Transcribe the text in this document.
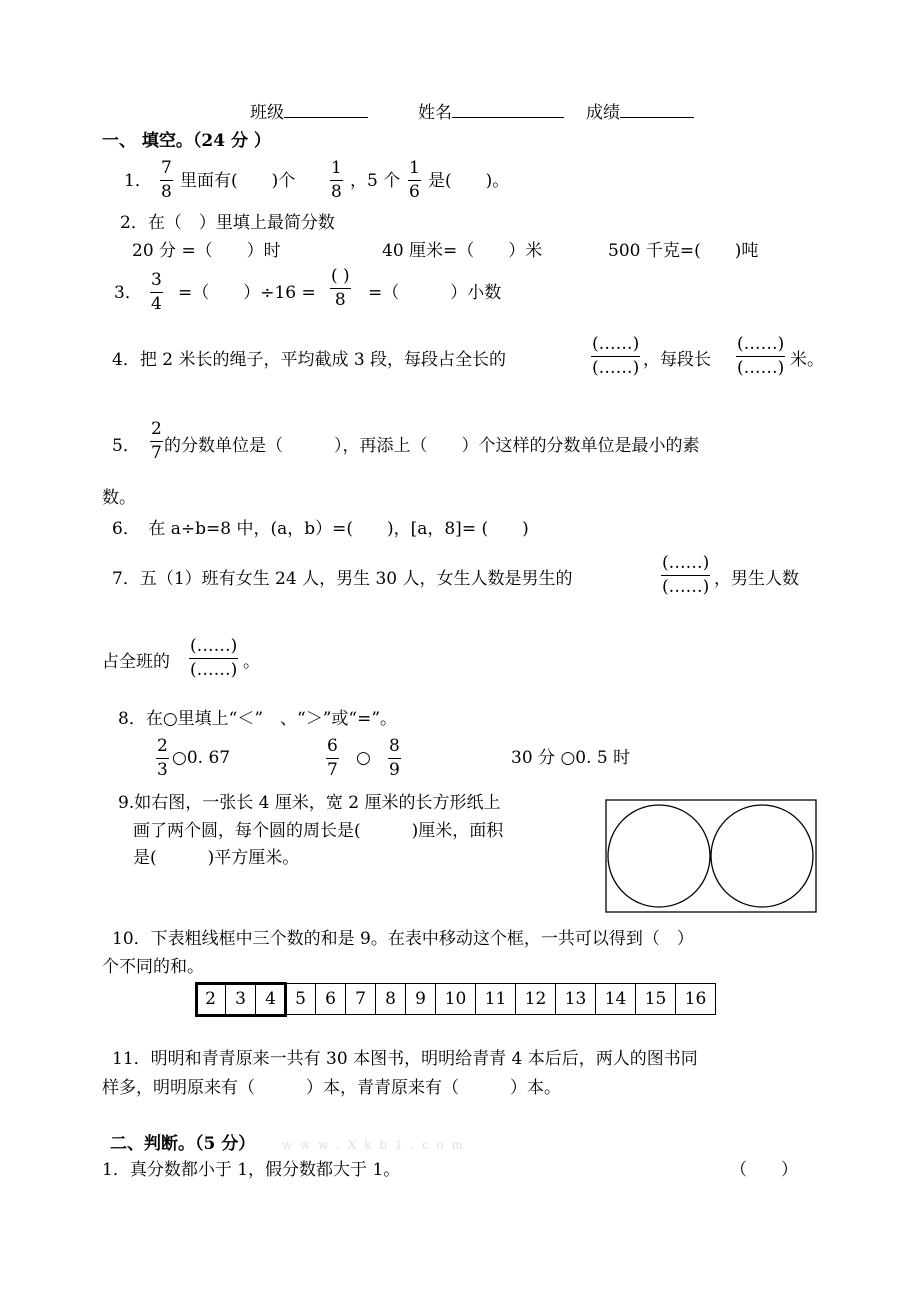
班级	姓名	成绩
一、 填空。（24 分 ）
1．
7
8
里面有(　　)个
1
8
，5 个
1
6
是(　　)。
2．在（　）里填上最简分数
20 分 =（　　）时	40 厘米=（　　）米	500 千克=(　　)吨
3．
3
4
=（　　）÷16 =
( )
8 =（　　　）小数
4．把 2 米长的绳子，平均截成 3 段，每段占全长的
(……)
(……) ，每段长
(……)
(……) 米。
5．
2
7 的分数单位是（　　　），再添上（　　）个这样的分数单位是最小的素
数。
6．　在 a÷b=8 中，(a，b）=(　　)，[a，8]= (　　)
7．五（1）班有女生 24 人，男生 30 人，女生人数是男生的
(……)
(……) ，男生人数
占全班的
(……)
(……) 。
8．在○里填上“＜”　、“＞”或“=”。
2
3
○0. 67
6
7
○
8
9
30 分 ○0. 5 时
9.如右图，一张长 4 厘米，宽 2 厘米的长方形纸上
画了两个圆，每个圆的周长是(　　　)厘米，面积
是(　　　)平方厘米。
10．下表粗线框中三个数的和是 9。在表中移动这个框，一共可以得到（　）
个不同的和。
2	3	4	5	6	7	8	9	10	11	12	13	14	15	16
11．明明和青青原来一共有 30 本图书，明明给青青 4 本后后，两人的图书同
样多，明明原来有（　　　）本，青青原来有（　　　）本。
二、判断。（5 分） w w w . X k b 1 . c o m
1．真分数都小于 1，假分数都大于 1。	（　　）
